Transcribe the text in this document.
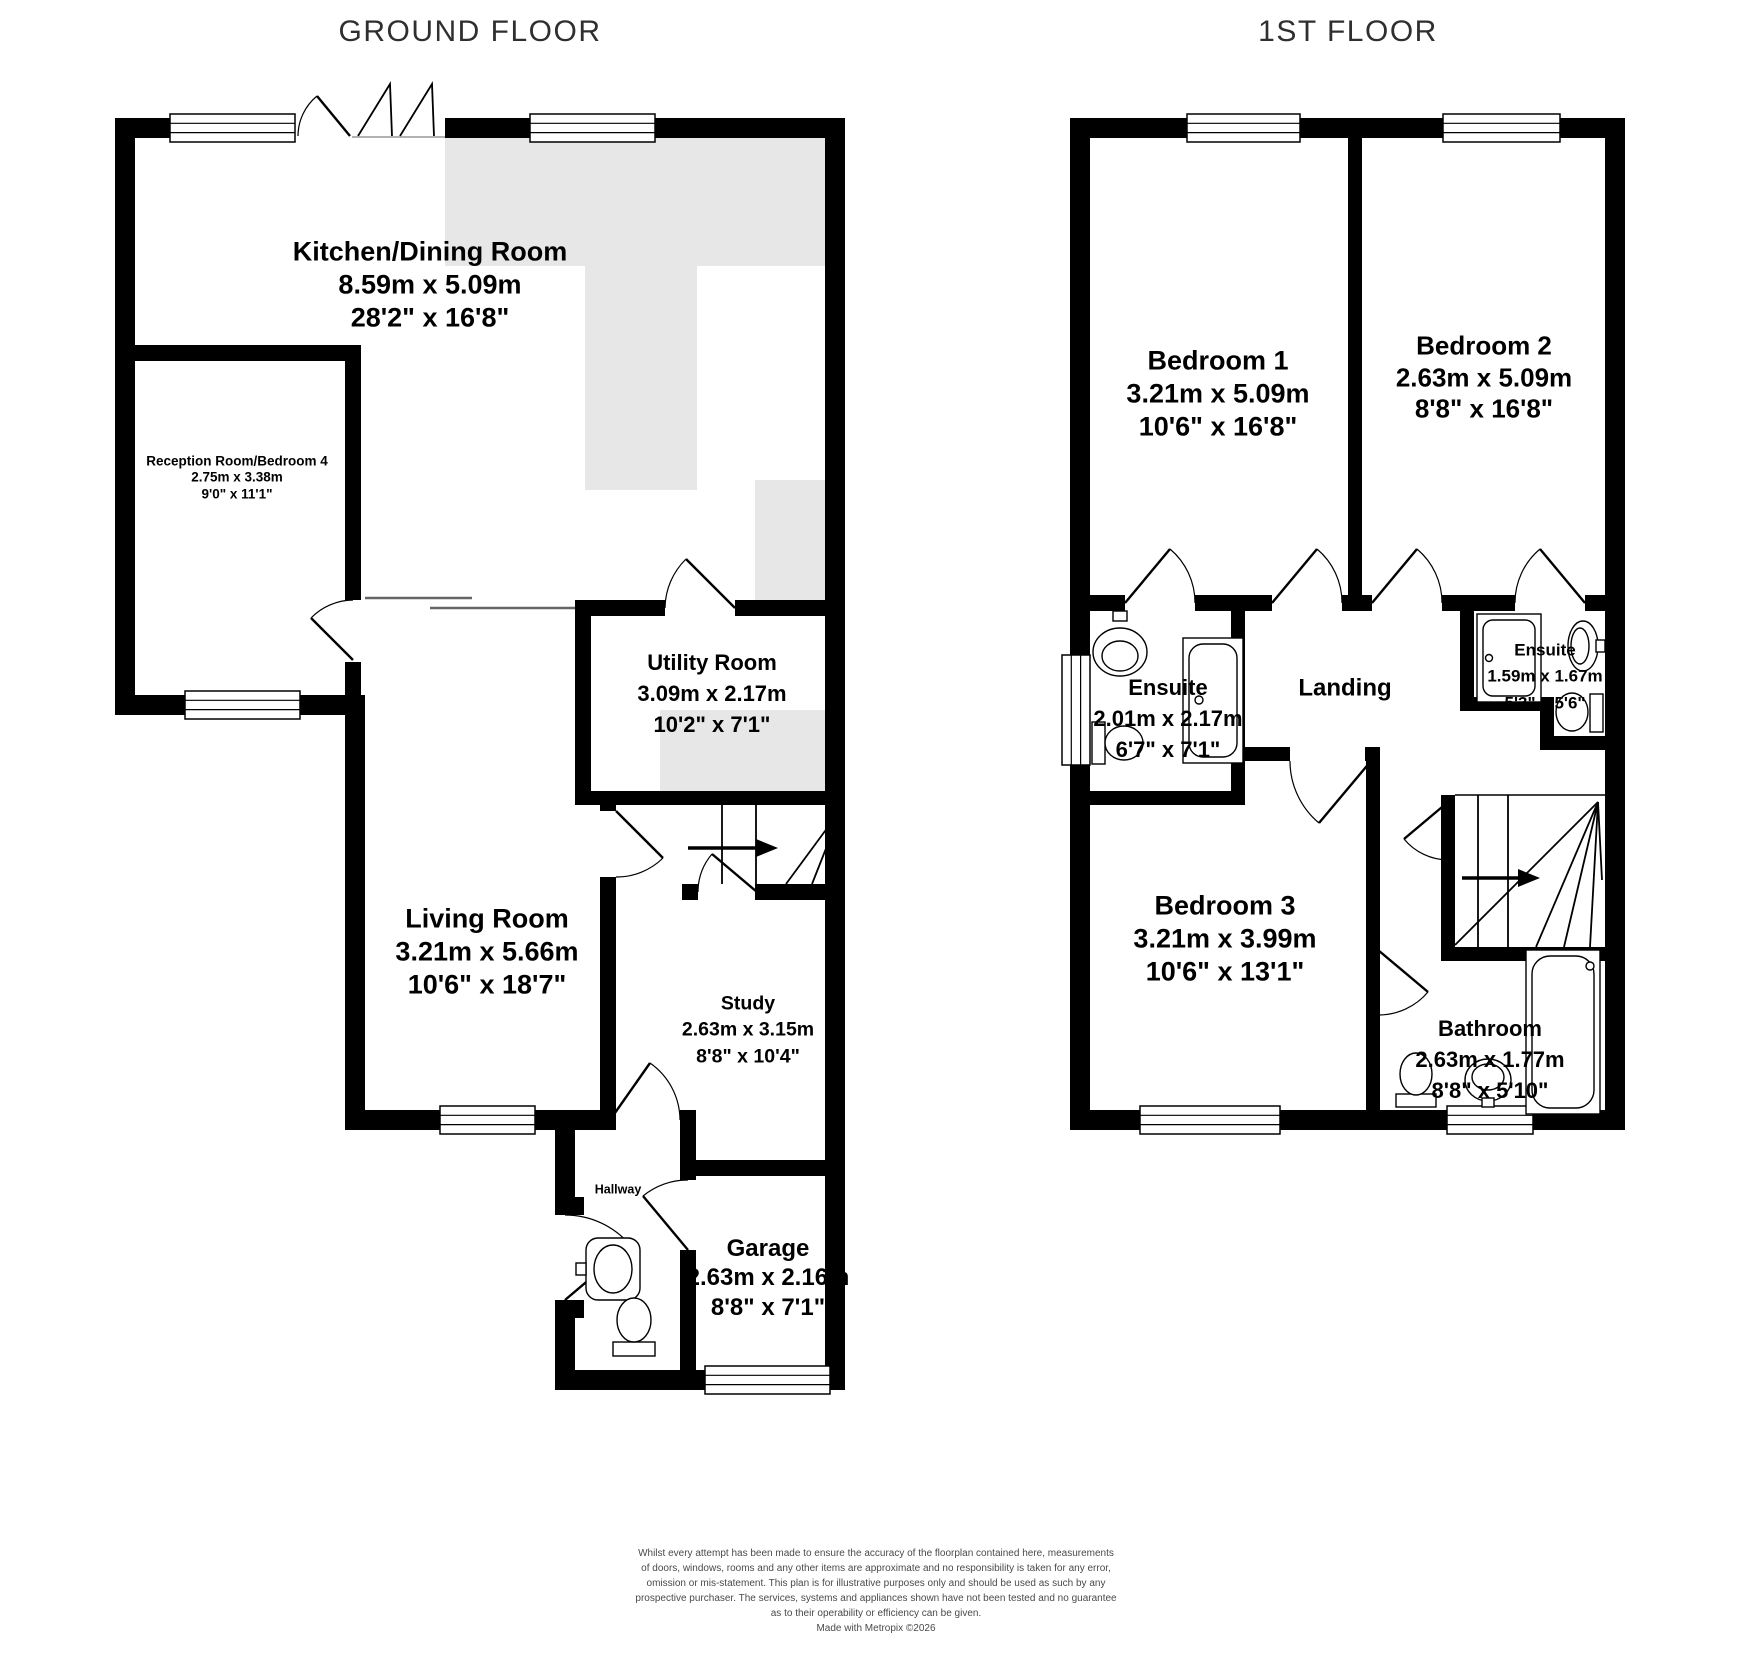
GROUND FLOOR	1ST FLOOR
Kitchen/Dining Room
8.59m x 5.09m
28'2" x 16'8"
Reception Room/Bedroom 4
2.75m x 3.38m
9'0" x 11'1"
Utility Room
3.09m x 2.17m
10'2" x 7'1"
Living Room
3.21m x 5.66m
10'6" x 18'7"
Study
2.63m x 3.15m
8'8" x 10'4"
Hallway
Garage
2.63m x 2.16m
8'8" x 7'1"
Bedroom 1
3.21m x 5.09m
10'6" x 16'8"
Bedroom 2
2.63m x 5.09m
8'8" x 16'8"
Ensuite
2.01m x 2.17m
6'7" x 7'1"
Landing
Ensuite
1.59m x 1.67m
5'3" x 5'6"
Bedroom 3
3.21m x 3.99m
10'6" x 13'1"
Bathroom
2.63m x 1.77m
8'8" x 5'10"
Whilst every attempt has been made to ensure the accuracy of the floorplan contained here, measurements
of doors, windows, rooms and any other items are approximate and no responsibility is taken for any error,
omission or mis-statement. This plan is for illustrative purposes only and should be used as such by any
prospective purchaser. The services, systems and appliances shown have not been tested and no guarantee
as to their operability or efficiency can be given.
Made with Metropix ©2026
